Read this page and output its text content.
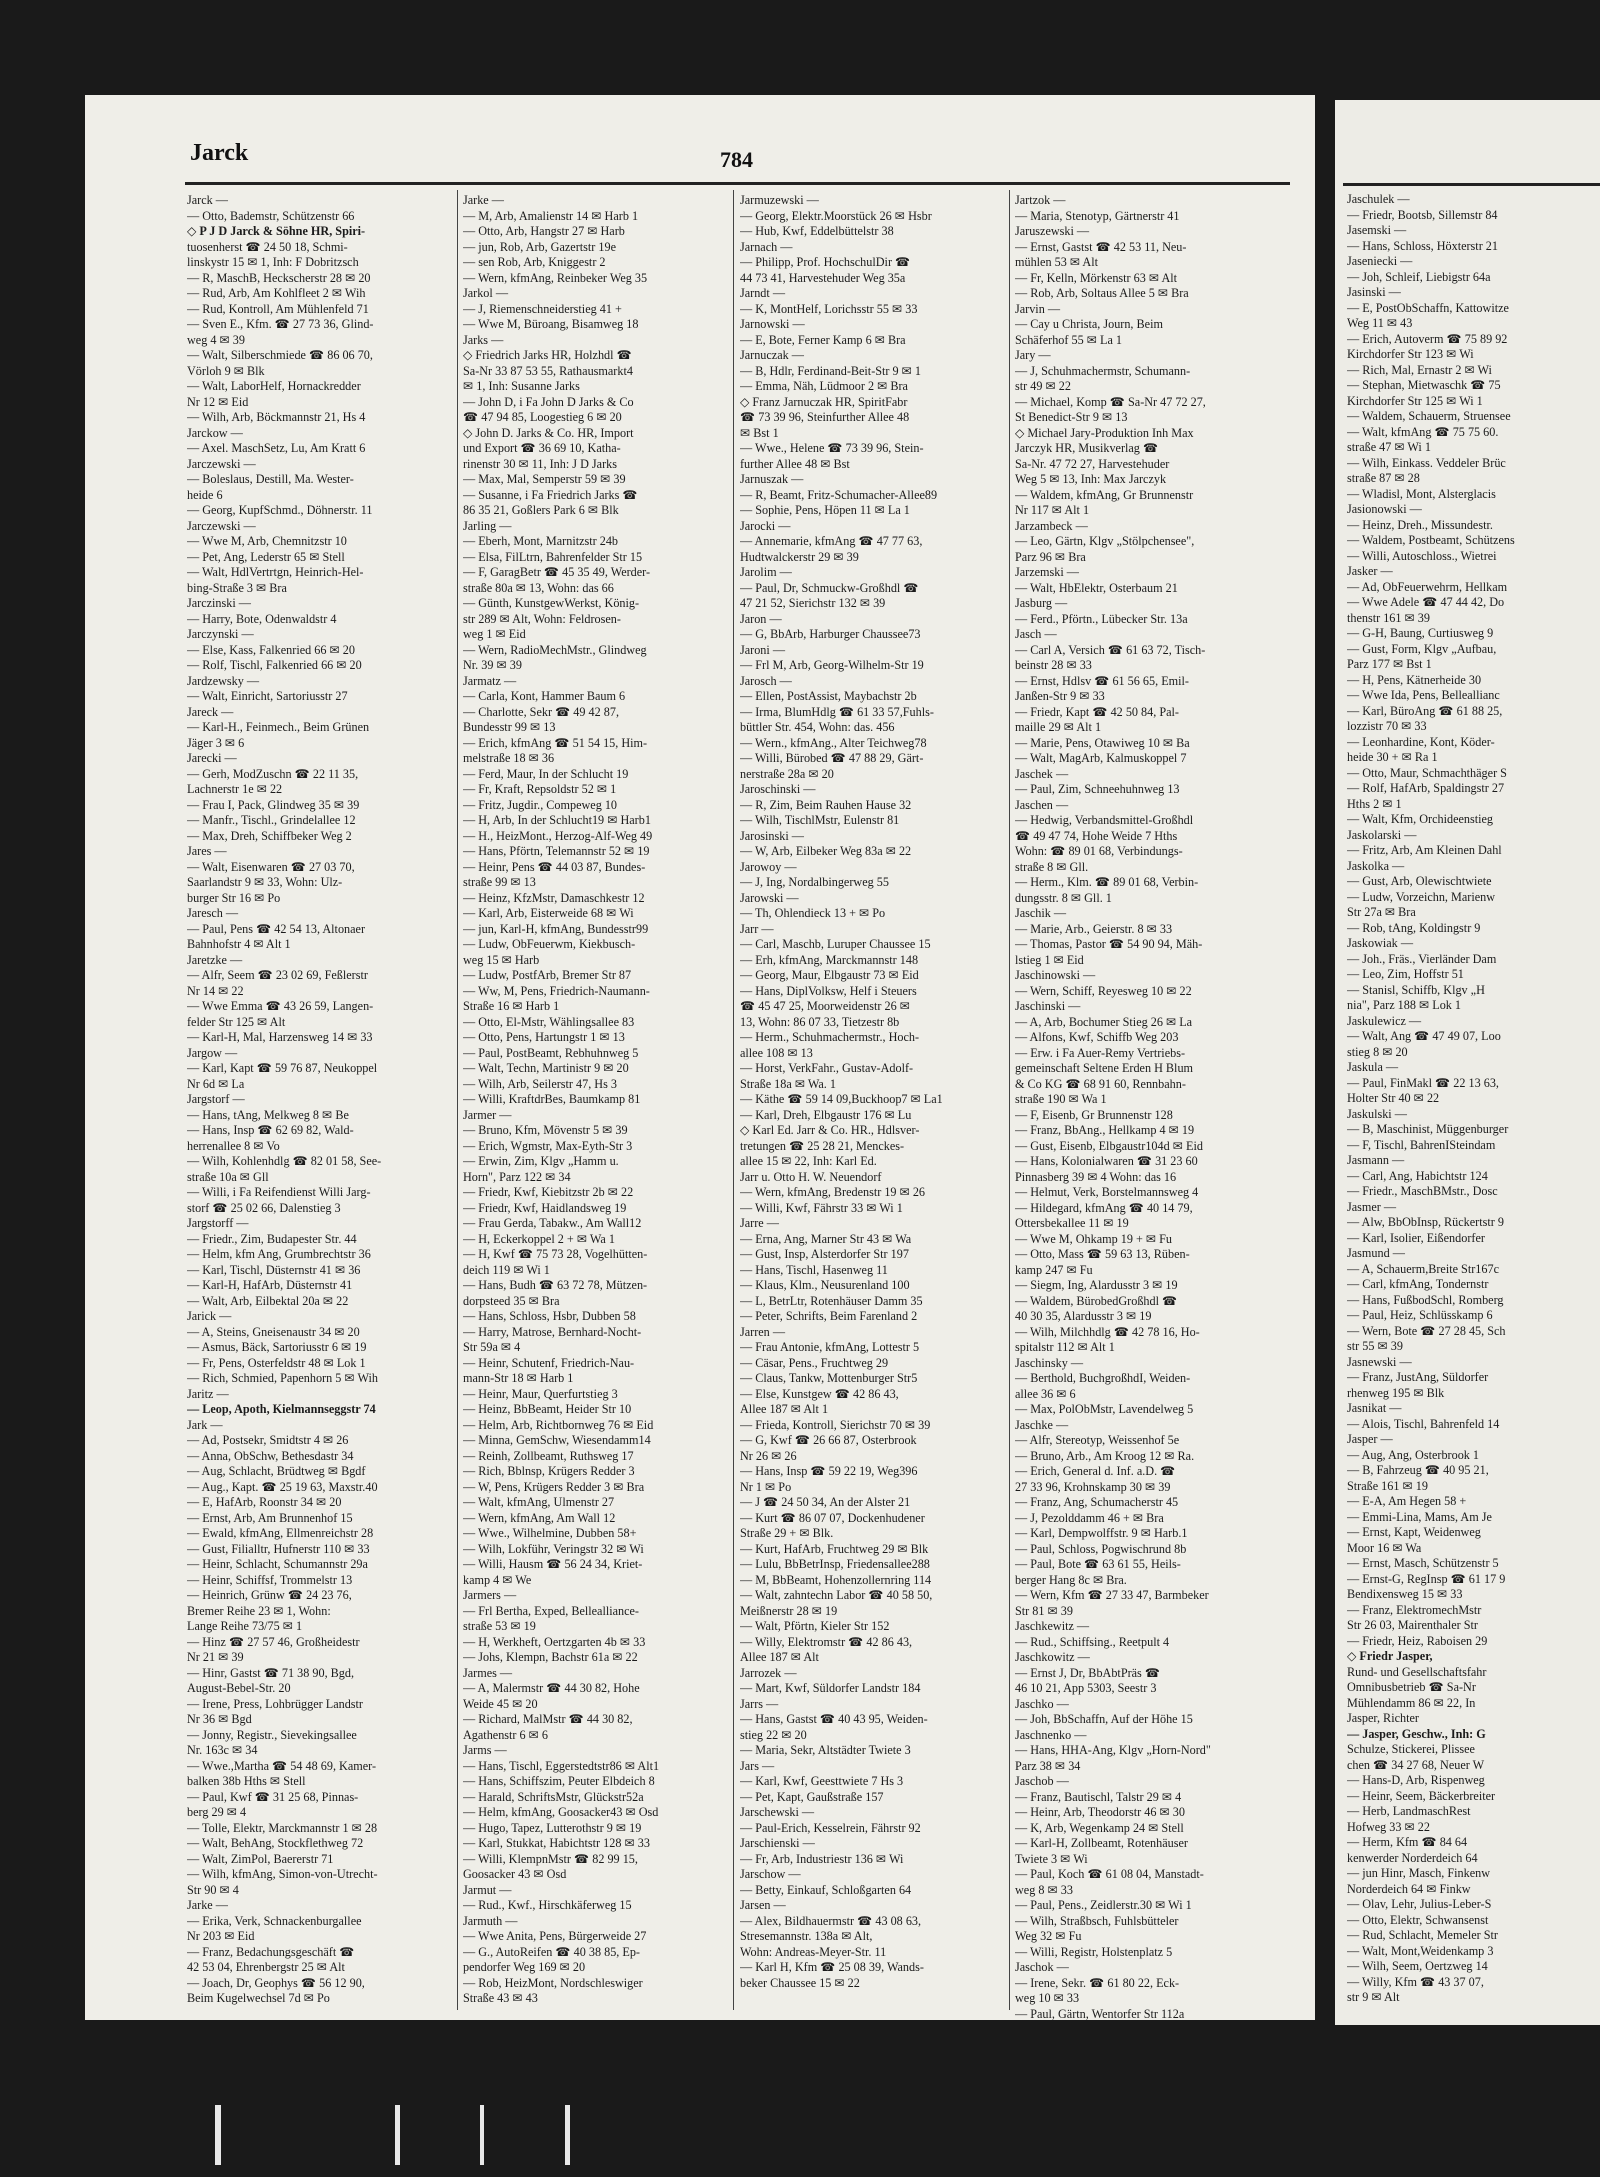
Jarck	784
Jarck —
— Otto, Bademstr, Schützenstr 66
◇ P J D Jarck & Söhne HR, Spiri-
tuosenherst ☎ 24 50 18, Schmi-
linskystr 15 ✉ 1, Inh: F Dobritzsch
— R, MaschB, Heckscherstr 28 ✉ 20
— Rud, Arb, Am Kohlfleet 2 ✉ Wih
— Rud, Kontroll, Am Mühlenfeld 71
— Sven E., Kfm. ☎ 27 73 36, Glind-
weg 4 ✉ 39
— Walt, Silberschmiede ☎ 86 06 70,
Vörloh 9 ✉ Blk
— Walt, LaborHelf, Hornackredder
Nr 12 ✉ Eid
— Wilh, Arb, Böckmannstr 21, Hs 4
Jarckow —
— Axel. MaschSetz, Lu, Am Kratt 6
Jarczewski —
— Boleslaus, Destill, Ma. Wester-
heide 6
— Georg, KupfSchmd., Döhnerstr. 11
Jarczewski —
— Wwe M, Arb, Chemnitzstr 10
— Pet, Ang, Lederstr 65 ✉ Stell
— Walt, HdlVertrtgn, Heinrich-Hel-
bing-Straße 3 ✉ Bra
Jarczinski —
— Harry, Bote, Odenwaldstr 4
Jarczynski —
— Else, Kass, Falkenried 66 ✉ 20
— Rolf, Tischl, Falkenried 66 ✉ 20
Jardzewsky —
— Walt, Einricht, Sartoriusstr 27
Jareck —
— Karl-H., Feinmech., Beim Grünen
Jäger 3 ✉ 6
Jarecki —
— Gerh, ModZuschn ☎ 22 11 35,
Lachnerstr 1e ✉ 22
— Frau I, Pack, Glindweg 35 ✉ 39
— Manfr., Tischl., Grindelallee 12
— Max, Dreh, Schiffbeker Weg 2
Jares —
— Walt, Eisenwaren ☎ 27 03 70,
Saarlandstr 9 ✉ 33, Wohn: Ulz-
burger Str 16 ✉ Po
Jaresch —
— Paul, Pens ☎ 42 54 13, Altonaer
Bahnhofstr 4 ✉ Alt 1
Jaretzke —
— Alfr, Seem ☎ 23 02 69, Feßlerstr
Nr 14 ✉ 22
— Wwe Emma ☎ 43 26 59, Langen-
felder Str 125 ✉ Alt
— Karl-H, Mal, Harzensweg 14 ✉ 33
Jargow —
— Karl, Kapt ☎ 59 76 87, Neukoppel
Nr 6d ✉ La
Jargstorf —
— Hans, tAng, Melkweg 8 ✉ Be
— Hans, Insp ☎ 62 69 82, Wald-
herrenallee 8 ✉ Vo
— Wilh, Kohlenhdlg ☎ 82 01 58, See-
straße 10a ✉ Gll
— Willi, i Fa Reifendienst Willi Jarg-
storf ☎ 25 02 66, Dalenstieg 3
Jargstorff —
— Friedr., Zim, Budapester Str. 44
— Helm, kfm Ang, Grumbrechtstr 36
— Karl, Tischl, Düsternstr 41 ✉ 36
— Karl-H, HafArb, Düsternstr 41
— Walt, Arb, Eilbektal 20a ✉ 22
Jarick —
— A, Steins, Gneisenaustr 34 ✉ 20
— Asmus, Bäck, Sartoriusstr 6 ✉ 19
— Fr, Pens, Osterfeldstr 48 ✉ Lok 1
— Rich, Schmied, Papenhorn 5 ✉ Wih
Jaritz —
— Leop, Apoth, Kielmannseggstr 74
Jark —
— Ad, Postsekr, Smidtstr 4 ✉ 26
— Anna, ObSchw, Bethesdastr 34
— Aug, Schlacht, Brüdtweg ✉ Bgdf
— Aug., Kapt. ☎ 25 19 63, Maxstr.40
— E, HafArb, Roonstr 34 ✉ 20
— Ernst, Arb, Am Brunnenhof 15
— Ewald, kfmAng, Ellmenreichstr 28
— Gust, Filialltr, Hufnerstr 110 ✉ 33
— Heinr, Schlacht, Schumannstr 29a
— Heinr, Schiffsf, Trommelstr 13
— Heinrich, Grünw ☎ 24 23 76,
Bremer Reihe 23 ✉ 1, Wohn:
Lange Reihe 73/75 ✉ 1
— Hinz ☎ 27 57 46, Großheidestr
Nr 21 ✉ 39
— Hinr, Gastst ☎ 71 38 90, Bgd,
August-Bebel-Str. 20
— Irene, Press, Lohbrügger Landstr
Nr 36 ✉ Bgd
— Jonny, Registr., Sievekingsallee
Nr. 163c ✉ 34
— Wwe.,Martha ☎ 54 48 69, Kamer-
balken 38b Hths ✉ Stell
— Paul, Kwf ☎ 31 25 68, Pinnas-
berg 29 ✉ 4
— Tolle, Elektr, Marckmannstr 1 ✉ 28
— Walt, BehAng, Stockflethweg 72
— Walt, ZimPol, Baererstr 71
— Wilh, kfmAng, Simon-von-Utrecht-
Str 90 ✉ 4
Jarke —
— Erika, Verk, Schnackenburgallee
Nr 203 ✉ Eid
— Franz, Bedachungsgeschäft ☎
42 53 04, Ehrenbergstr 25 ✉ Alt
— Joach, Dr, Geophys ☎ 56 12 90,
Beim Kugelwechsel 7d ✉ Po
Jarke —
— M, Arb, Amalienstr 14 ✉ Harb 1
— Otto, Arb, Hangstr 27 ✉ Harb
— jun, Rob, Arb, Gazertstr 19e
— sen Rob, Arb, Kniggestr 2
— Wern, kfmAng, Reinbeker Weg 35
Jarkol —
— J, Riemenschneiderstieg 41 +
— Wwe M, Büroang, Bisamweg 18
Jarks —
◇ Friedrich Jarks HR, Holzhdl ☎
Sa-Nr 33 87 53 55, Rathausmarkt4
✉ 1, Inh: Susanne Jarks
— John D, i Fa John D Jarks & Co
☎ 47 94 85, Loogestieg 6 ✉ 20
◇ John D. Jarks & Co. HR, Import
und Export ☎ 36 69 10, Katha-
rinenstr 30 ✉ 11, Inh: J D Jarks
— Max, Mal, Semperstr 59 ✉ 39
— Susanne, i Fa Friedrich Jarks ☎
86 35 21, Goßlers Park 6 ✉ Blk
Jarling —
— Eberh, Mont, Marnitzstr 24b
— Elsa, FilLtrn, Bahrenfelder Str 15
— F, GaragBetr ☎ 45 35 49, Werder-
straße 80a ✉ 13, Wohn: das 66
— Günth, KunstgewWerkst, König-
str 289 ✉ Alt, Wohn: Feldrosen-
weg 1 ✉ Eid
— Wern, RadioMechMstr., Glindweg
Nr. 39 ✉ 39
Jarmatz —
— Carla, Kont, Hammer Baum 6
— Charlotte, Sekr ☎ 49 42 87,
Bundesstr 99 ✉ 13
— Erich, kfmAng ☎ 51 54 15, Him-
melstraße 18 ✉ 36
— Ferd, Maur, In der Schlucht 19
— Fr, Kraft, Repsoldstr 52 ✉ 1
— Fritz, Jugdir., Compeweg 10
— H, Arb, In der Schlucht19 ✉ Harb1
— H., HeizMont., Herzog-Alf-Weg 49
— Hans, Pförtn, Telemannstr 52 ✉ 19
— Heinr, Pens ☎ 44 03 87, Bundes-
straße 99 ✉ 13
— Heinz, KfzMstr, Damaschkestr 12
— Karl, Arb, Eisterweide 68 ✉ Wi
— jun, Karl-H, kfmAng, Bundesstr99
— Ludw, ObFeuerwm, Kiekbusch-
weg 15 ✉ Harb
— Ludw, PostfArb, Bremer Str 87
— Ww, M, Pens, Friedrich-Naumann-
Straße 16 ✉ Harb 1
— Otto, El-Mstr, Wählingsallee 83
— Otto, Pens, Hartungstr 1 ✉ 13
— Paul, PostBeamt, Rebhuhnweg 5
— Walt, Techn, Martinistr 9 ✉ 20
— Wilh, Arb, Seilerstr 47, Hs 3
— Willi, KraftdrBes, Baumkamp 81
Jarmer —
— Bruno, Kfm, Mövenstr 5 ✉ 39
— Erich, Wgmstr, Max-Eyth-Str 3
— Erwin, Zim, Klgv „Hamm u.
Horn", Parz 122 ✉ 34
— Friedr, Kwf, Kiebitzstr 2b ✉ 22
— Friedr, Kwf, Haidlandsweg 19
— Frau Gerda, Tabakw., Am Wall12
— H, Eckerkoppel 2 + ✉ Wa 1
— H, Kwf ☎ 75 73 28, Vogelhütten-
deich 119 ✉ Wi 1
— Hans, Budh ☎ 63 72 78, Mützen-
dorpsteed 35 ✉ Bra
— Hans, Schloss, Hsbr, Dubben 58
— Harry, Matrose, Bernhard-Nocht-
Str 59a ✉ 4
— Heinr, Schutenf, Friedrich-Nau-
mann-Str 18 ✉ Harb 1
— Heinr, Maur, Querfurtstieg 3
— Heinz, BbBeamt, Heider Str 10
— Helm, Arb, Richtbornweg 76 ✉ Eid
— Minna, GemSchw, Wiesendamm14
— Reinh, Zollbeamt, Ruthsweg 17
— Rich, Bblnsp, Krügers Redder 3
— W, Pens, Krügers Redder 3 ✉ Bra
— Walt, kfmAng, Ulmenstr 27
— Wern, kfmAng, Am Wall 12
— Wwe., Wilhelmine, Dubben 58+
— Wilh, Lokführ, Veringstr 32 ✉ Wi
— Willi, Hausm ☎ 56 24 34, Kriet-
kamp 4 ✉ We
Jarmers —
— Frl Bertha, Exped, Bellealliance-
straße 53 ✉ 19
— H, Werkheft, Oertzgarten 4b ✉ 33
— Johs, Klempn, Bachstr 61a ✉ 22
Jarmes —
— A, Malermstr ☎ 44 30 82, Hohe
Weide 45 ✉ 20
— Richard, MalMstr ☎ 44 30 82,
Agathenstr 6 ✉ 6
Jarms —
— Hans, Tischl, Eggerstedtstr86 ✉ Alt1
— Hans, Schiffszim, Peuter Elbdeich 8
— Harald, SchriftsMstr, Glückstr52a
— Helm, kfmAng, Goosacker43 ✉ Osd
— Hugo, Tapez, Lutterothstr 9 ✉ 19
— Karl, Stukkat, Habichtstr 128 ✉ 33
— Willi, KlempnMstr ☎ 82 99 15,
Goosacker 43 ✉ Osd
Jarmut —
— Rud., Kwf., Hirschkäferweg 15
Jarmuth —
— Wwe Anita, Pens, Bürgerweide 27
— G., AutoReifen ☎ 40 38 85, Ep-
pendorfer Weg 169 ✉ 20
— Rob, HeizMont, Nordschleswiger
Straße 43 ✉ 43
Jarmuzewski —
— Georg, Elektr.Moorstück 26 ✉ Hsbr
— Hub, Kwf, Eddelbüttelstr 38
Jarnach —
— Philipp, Prof. HochschulDir ☎
44 73 41, Harvestehuder Weg 35a
Jarndt —
— K, MontHelf, Lorichsstr 55 ✉ 33
Jarnowski —
— E, Bote, Ferner Kamp 6 ✉ Bra
Jarnuczak —
— B, Hdlr, Ferdinand-Beit-Str 9 ✉ 1
— Emma, Näh, Lüdmoor 2 ✉ Bra
◇ Franz Jarnuczak HR, SpiritFabr
☎ 73 39 96, Steinfurther Allee 48
✉ Bst 1
— Wwe., Helene ☎ 73 39 96, Stein-
further Allee 48 ✉ Bst
Jarnuszak —
— R, Beamt, Fritz-Schumacher-Allee89
— Sophie, Pens, Höpen 11 ✉ La 1
Jarocki —
— Annemarie, kfmAng ☎ 47 77 63,
Hudtwalckerstr 29 ✉ 39
Jarolim —
— Paul, Dr, Schmuckw-Großhdl ☎
47 21 52, Sierichstr 132 ✉ 39
Jaron —
— G, BbArb, Harburger Chaussee73
Jaroni —
— Frl M, Arb, Georg-Wilhelm-Str 19
Jarosch —
— Ellen, PostAssist, Maybachstr 2b
— Irma, BlumHdlg ☎ 61 33 57,Fuhls-
büttler Str. 454, Wohn: das. 456
— Wern., kfmAng., Alter Teichweg78
— Willi, Bürobed ☎ 47 88 29, Gärt-
nerstraße 28a ✉ 20
Jaroschinski —
— R, Zim, Beim Rauhen Hause 32
— Wilh, TischlMstr, Eulenstr 81
Jarosinski —
— W, Arb, Eilbeker Weg 83a ✉ 22
Jarowoy —
— J, Ing, Nordalbingerweg 55
Jarowski —
— Th, Ohlendieck 13 + ✉ Po
Jarr —
— Carl, Maschb, Luruper Chaussee 15
— Erh, kfmAng, Marckmannstr 148
— Georg, Maur, Elbgaustr 73 ✉ Eid
— Hans, DiplVolksw, Helf i Steuers
☎ 45 47 25, Moorweidenstr 26 ✉
13, Wohn: 86 07 33, Tietzestr 8b
— Herm., Schuhmachermstr., Hoch-
allee 108 ✉ 13
— Horst, VerkFahr., Gustav-Adolf-
Straße 18a ✉ Wa. 1
— Käthe ☎ 59 14 09,Buckhoop7 ✉ La1
— Karl, Dreh, Elbgaustr 176 ✉ Lu
◇ Karl Ed. Jarr & Co. HR., Hdlsver-
tretungen ☎ 25 28 21, Menckes-
allee 15 ✉ 22, Inh: Karl Ed.
Jarr u. Otto H. W. Neuendorf
— Wern, kfmAng, Bredenstr 19 ✉ 26
— Willi, Kwf, Fährstr 33 ✉ Wi 1
Jarre —
— Erna, Ang, Marner Str 43 ✉ Wa
— Gust, Insp, Alsterdorfer Str 197
— Hans, Tischl, Hasenweg 11
— Klaus, Klm., Neusurenland 100
— L, BetrLtr, Rotenhäuser Damm 35
— Peter, Schrifts, Beim Farenland 2
Jarren —
— Frau Antonie, kfmAng, Lottestr 5
— Cäsar, Pens., Fruchtweg 29
— Claus, Tankw, Mottenburger Str5
— Else, Kunstgew ☎ 42 86 43,
Allee 187 ✉ Alt 1
— Frieda, Kontroll, Sierichstr 70 ✉ 39
— G, Kwf ☎ 26 66 87, Osterbrook
Nr 26 ✉ 26
— Hans, Insp ☎ 59 22 19, Weg396
Nr 1 ✉ Po
— J ☎ 24 50 34, An der Alster 21
— Kurt ☎ 86 07 07, Dockenhudener
Straße 29 + ✉ Blk.
— Kurt, HafArb, Fruchtweg 29 ✉ Blk
— Lulu, BbBetrInsp, Friedensallee288
— M, BbBeamt, Hohenzollernring 114
— Walt, zahntechn Labor ☎ 40 58 50,
Meißnerstr 28 ✉ 19
— Walt, Pförtn, Kieler Str 152
— Willy, Elektromstr ☎ 42 86 43,
Allee 187 ✉ Alt
Jarrozek —
— Mart, Kwf, Süldorfer Landstr 184
Jarrs —
— Hans, Gastst ☎ 40 43 95, Weiden-
stieg 22 ✉ 20
— Maria, Sekr, Altstädter Twiete 3
Jars —
— Karl, Kwf, Geesttwiete 7 Hs 3
— Pet, Kapt, Gaußstraße 157
Jarschewski —
— Paul-Erich, Kesselrein, Fährstr 92
Jarschienski —
— Fr, Arb, Industriestr 136 ✉ Wi
Jarschow —
— Betty, Einkauf, Schloßgarten 64
Jarsen —
— Alex, Bildhauermstr ☎ 43 08 63,
Stresemannstr. 138a ✉ Alt,
Wohn: Andreas-Meyer-Str. 11
— Karl H, Kfm ☎ 25 08 39, Wands-
beker Chaussee 15 ✉ 22
Jartzok —
— Maria, Stenotyp, Gärtnerstr 41
Jaruszewski —
— Ernst, Gastst ☎ 42 53 11, Neu-
mühlen 53 ✉ Alt
— Fr, Kelln, Mörkenstr 63 ✉ Alt
— Rob, Arb, Soltaus Allee 5 ✉ Bra
Jarvin —
— Cay u Christa, Journ, Beim
Schäferhof 55 ✉ La 1
Jary —
— J, Schuhmachermstr, Schumann-
str 49 ✉ 22
— Michael, Komp ☎ Sa-Nr 47 72 27,
St Benedict-Str 9 ✉ 13
◇ Michael Jary-Produktion Inh Max
Jarczyk HR, Musikverlag ☎
Sa-Nr. 47 72 27, Harvestehuder
Weg 5 ✉ 13, Inh: Max Jarczyk
— Waldem, kfmAng, Gr Brunnenstr
Nr 117 ✉ Alt 1
Jarzambeck —
— Leo, Gärtn, Klgv „Stölpchensee",
Parz 96 ✉ Bra
Jarzemski —
— Walt, HbElektr, Osterbaum 21
Jasburg —
— Ferd., Pförtn., Lübecker Str. 13a
Jasch —
— Carl A, Versich ☎ 61 63 72, Tisch-
beinstr 28 ✉ 33
— Ernst, Hdlsv ☎ 61 56 65, Emil-
Janßen-Str 9 ✉ 33
— Friedr, Kapt ☎ 42 50 84, Pal-
maille 29 ✉ Alt 1
— Marie, Pens, Otawiweg 10 ✉ Ba
— Walt, MagArb, Kalmuskoppel 7
Jaschek —
— Paul, Zim, Schneehuhnweg 13
Jaschen —
— Hedwig, Verbandsmittel-Großhdl
☎ 49 47 74, Hohe Weide 7 Hths
Wohn: ☎ 89 01 68, Verbindungs-
straße 8 ✉ Gll.
— Herm., Klm. ☎ 89 01 68, Verbin-
dungsstr. 8 ✉ Gll. 1
Jaschik —
— Marie, Arb., Geierstr. 8 ✉ 33
— Thomas, Pastor ☎ 54 90 94, Mäh-
lstieg 1 ✉ Eid
Jaschinowski —
— Wern, Schiff, Reyesweg 10 ✉ 22
Jaschinski —
— A, Arb, Bochumer Stieg 26 ✉ La
— Alfons, Kwf, Schiffb Weg 203
— Erw. i Fa Auer-Remy Vertriebs-
gemeinschaft Seltene Erden H Blum
& Co KG ☎ 68 91 60, Rennbahn-
straße 190 ✉ Wa 1
— F, Eisenb, Gr Brunnenstr 128
— Franz, BbAng., Hellkamp 4 ✉ 19
— Gust, Eisenb, Elbgaustr104d ✉ Eid
— Hans, Kolonialwaren ☎ 31 23 60
Pinnasberg 39 ✉ 4 Wohn: das 16
— Helmut, Verk, Borstelmannsweg 4
— Hildegard, kfmAng ☎ 40 14 79,
Ottersbekallee 11 ✉ 19
— Wwe M, Ohkamp 19 + ✉ Fu
— Otto, Mass ☎ 59 63 13, Rüben-
kamp 247 ✉ Fu
— Siegm, Ing, Alardusstr 3 ✉ 19
— Waldem, BürobedGroßhdl ☎
40 30 35, Alardusstr 3 ✉ 19
— Wilh, Milchhdlg ☎ 42 78 16, Ho-
spitalstr 112 ✉ Alt 1
Jaschinsky —
— Berthold, BuchgroßhdI, Weiden-
allee 36 ✉ 6
— Max, PolObMstr, Lavendelweg 5
Jaschke —
— Alfr, Stereotyp, Weissenhof 5e
— Bruno, Arb., Am Kroog 12 ✉ Ra.
— Erich, General d. Inf. a.D. ☎
27 33 96, Krohnskamp 30 ✉ 39
— Franz, Ang, Schumacherstr 45
— J, Pezolddamm 46 + ✉ Bra
— Karl, Dempwolffstr. 9 ✉ Harb.1
— Paul, Schloss, Pogwischrund 8b
— Paul, Bote ☎ 63 61 55, Heils-
berger Hang 8c ✉ Bra.
— Wern, Kfm ☎ 27 33 47, Barmbeker
Str 81 ✉ 39
Jaschkewitz —
— Rud., Schiffsing., Reetpult 4
Jaschkowitz —
— Ernst J, Dr, BbAbtPräs ☎
46 10 21, App 5303, Seestr 3
Jaschko —
— Joh, BbSchaffn, Auf der Höhe 15
Jaschnenko —
— Hans, HHA-Ang, Klgv „Horn-Nord"
Parz 38 ✉ 34
Jaschob —
— Franz, Bautischl, Talstr 29 ✉ 4
— Heinr, Arb, Theodorstr 46 ✉ 30
— K, Arb, Wegenkamp 24 ✉ Stell
— Karl-H, Zollbeamt, Rotenhäuser
Twiete 3 ✉ Wi
— Paul, Koch ☎ 61 08 04, Manstadt-
weg 8 ✉ 33
— Paul, Pens., Zeidlerstr.30 ✉ Wi 1
— Wilh, Straßbsch, Fuhlsbütteler
Weg 32 ✉ Fu
— Willi, Registr, Holstenplatz 5
Jaschok —
— Irene, Sekr. ☎ 61 80 22, Eck-
weg 10 ✉ 33
— Paul, Gärtn, Wentorfer Str 112a
Jaschulek —
— Friedr, Bootsb, Sillemstr 84
Jasemski —
— Hans, Schloss, Höxterstr 21
Jaseniecki —
— Joh, Schleif, Liebigstr 64a
Jasinski —
— E, PostObSchaffn, Kattowitze
Weg 11 ✉ 43
— Erich, Autoverm ☎ 75 89 92
Kirchdorfer Str 123 ✉ Wi
— Rich, Mal, Ernastr 2 ✉ Wi
— Stephan, Mietwaschk ☎ 75
Kirchdorfer Str 125 ✉ Wi 1
— Waldem, Schauerm, Struensee
— Walt, kfmAng ☎ 75 75 60.
straße 47 ✉ Wi 1
— Wilh, Einkass. Veddeler Brüc
straße 87 ✉ 28
— Wladisl, Mont, Alsterglacis
Jasionowski —
— Heinz, Dreh., Missundestr.
— Waldem, Postbeamt, Schützens
— Willi, Autoschloss., Wietrei
Jasker —
— Ad, ObFeuerwehrm, Hellkam
— Wwe Adele ☎ 47 44 42, Do
thenstr 161 ✉ 39
— G-H, Baung, Curtiusweg 9
— Gust, Form, Klgv „Aufbau,
Parz 177 ✉ Bst 1
— H, Pens, Kätnerheide 30
— Wwe Ida, Pens, Belleallianc
— Karl, BüroAng ☎ 61 88 25,
lozzistr 70 ✉ 33
— Leonhardine, Kont, Köder-
heide 30 + ✉ Ra 1
— Otto, Maur, Schmachthäger S
— Rolf, HafArb, Spaldingstr 27
Hths 2 ✉ 1
— Walt, Kfm, Orchideenstieg
Jaskolarski —
— Fritz, Arb, Am Kleinen Dahl
Jaskolka —
— Gust, Arb, Olewischtwiete
— Ludw, Vorzeichn, Marienw
Str 27a ✉ Bra
— Rob, tAng, Koldingstr 9
Jaskowiak —
— Joh., Fräs., Vierländer Dam
— Leo, Zim, Hoffstr 51
— Stanisl, Schiffb, Klgv „H
nia", Parz 188 ✉ Lok 1
Jaskulewicz —
— Walt, Ang ☎ 47 49 07, Loo
stieg 8 ✉ 20
Jaskula —
— Paul, FinMakl ☎ 22 13 63,
Holter Str 40 ✉ 22
Jaskulski —
— B, Maschinist, Müggenburger
— F, Tischl, BahrenISteindam
Jasmann —
— Carl, Ang, Habichtstr 124
— Friedr., MaschBMstr., Dosc
Jasmer —
— Alw, BbObInsp, Rückertstr 9
— Karl, Isolier, Eißendorfer
Jasmund —
— A, Schauerm,Breite Str167c
— Carl, kfmAng, Tondernstr
— Hans, FußbodSchl, Romberg
— Paul, Heiz, Schlüsskamp 6
— Wern, Bote ☎ 27 28 45, Sch
str 55 ✉ 39
Jasnewski —
— Franz, JustAng, Süldorfer
rhenweg 195 ✉ Blk
Jasnikat —
— Alois, Tischl, Bahrenfeld 14
Jasper —
— Aug, Ang, Osterbrook 1
— B, Fahrzeug ☎ 40 95 21,
Straße 161 ✉ 19
— E-A, Am Hegen 58 +
— Emmi-Lina, Mams, Am Je
— Ernst, Kapt, Weidenweg
Moor 16 ✉ Wa
— Ernst, Masch, Schützenstr 5
— Ernst-G, RegInsp ☎ 61 17 9
Bendixensweg 15 ✉ 33
— Franz, ElektromechMstr
Str 26 03, Mairenthaler Str
— Friedr, Heiz, Raboisen 29
◇ Friedr Jasper,
Rund- und Gesellschaftsfahr
Omnibusbetrieb ☎ Sa-Nr
Mühlendamm 86 ✉ 22, In
Jasper, Richter
— Jasper, Geschw., Inh: G
Schulze, Stickerei, Plissee
chen ☎ 34 27 68, Neuer W
— Hans-D, Arb, Rispenweg
— Heinr, Seem, Bäckerbreiter
— Herb, LandmaschRest
Hofweg 33 ✉ 22
— Herm, Kfm ☎ 84 64
kenwerder Norderdeich 64
— jun Hinr, Masch, Finkenw
Norderdeich 64 ✉ Finkw
— Olav, Lehr, Julius-Leber-S
— Otto, Elektr, Schwansenst
— Rud, Schlacht, Memeler Str
— Walt, Mont,Weidenkamp 3
— Wilh, Seem, Oertzweg 14
— Willy, Kfm ☎ 43 37 07,
str 9 ✉ Alt
